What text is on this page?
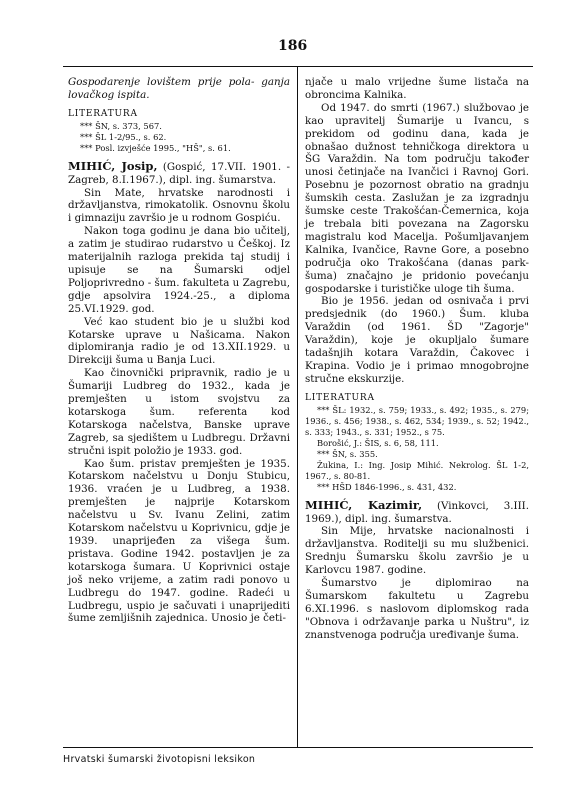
186

Gospodarenje lovištem prije pola- ganja lovačkog ispita.

LITERATURA

*** ŠN, s. 373, 567.

*** ŠL 1-2/95., s. 62.

*** Posl. izvješće 1995., "HŠ", s. 61.

MIHIĆ, Josip, (Gospić, 17.VII. 1901. - Zagreb, 8.I.1967.), dipl. ing. šumarstva.

Sin Mate, hrvatske narodnosti i državljanstva, rimokatolik. Osnovnu školu i gimnaziju završio je u rodnom Gospiću.

Nakon toga godinu je dana bio učitelj, a zatim je studirao rudarstvo u Češkoj. Iz materijalnih razloga prekida taj studij i upisuje se na Šumarski odjel Poljoprivredno - šum. fakulteta u Zagrebu, gdje apsolvira 1924.-25., a diploma 25.VI.1929. god.

Već kao student bio je u službi kod Kotarske uprave u Našicama. Nakon diplomiranja radio je od 13.XII.1929. u Direkciji šuma u Banja Luci.

Kao činovnički pripravnik, radio je u Šumariji Ludbreg do 1932., kada je premješten u istom svojstvu za kotarskoga šum. referenta kod Kotarskoga načelstva, Banske uprave Zagreb, sa sjedištem u Ludbregu. Državni stručni ispit položio je 1933. god.

Kao šum. pristav premješten je 1935. Kotarskom načelstvu u Donju Stubicu, 1936. vraćen je u Ludbreg, a 1938. premješten je najprije Kotarskom načelstvu u Sv. Ivanu Zelini, zatim Kotarskom načelstvu u Koprivnicu, gdje je 1939. unaprijeđen za višega šum. pristava. Godine 1942. postavljen je za kotarskoga šumara. U Koprivnici ostaje još neko vrijeme, a zatim radi ponovo u Ludbregu do 1947. godine. Radeći u Ludbregu, uspio je sačuvati i unaprijediti šume zemljišnih zajednica. Unosio je četi-

njače u malo vrijedne šume listača na obroncima Kalnika.

Od 1947. do smrti (1967.) službovao je kao upravitelj Šumarije u Ivancu, s prekidom od godinu dana, kada je obnašao dužnost tehničkoga direktora u ŠG Varaždin. Na tom području također unosi četinjače na Ivančici i Ravnoj Gori. Posebnu je pozornost obratio na gradnju šumskih cesta. Zaslužan je za izgradnju šumske ceste Trakošćan-Čemernica, koja je trebala biti povezana na Zagorsku magistralu kod Macelja. Pošumljavanjem Kalnika, Ivančice, Ravne Gore, a posebno područja oko Trakošćana (danas park-šuma) značajno je pridonio povećanju gospodarske i turističke uloge tih šuma.

Bio je 1956. jedan od osnivača i prvi predsjednik (do 1960.) Šum. kluba Varaždin (od 1961. ŠD "Zagorje" Varaždin), koje je okupljalo šumare tadašnjih kotara Varaždin, Čakovec i Krapina. Vodio je i primao mnogobrojne stručne ekskurzije.

LITERATURA

*** ŠL: 1932., s. 759; 1933., s. 492; 1935., s. 279; 1936., s. 456; 1938., s. 462, 534; 1939., s. 52; 1942., s. 333; 1943., s. 331; 1952., s 75.

Borošić, J.: ŠIS, s. 6, 58, 111.

*** ŠN, s. 355.

Žukina, I.: Ing. Josip Mihić. Nekrolog. ŠL 1-2, 1967., s. 80-81.

*** HŠD 1846-1996., s. 431, 432.

MIHIĆ, Kazimir, (Vinkovci, 3.III. 1969.), dipl. ing. šumarstva.

Sin Mije, hrvatske nacionalnosti i državljanstva. Roditelji su mu službenici. Srednju Šumarsku školu završio je u Karlovcu 1987. godine.

Šumarstvo je diplomirao na Šumarskom fakultetu u Zagrebu 6.XI.1996. s naslovom diplomskog rada "Obnova i održavanje parka u Nuštru", iz znanstvenoga područja uređivanje šuma.

Hrvatski šumarski životopisni leksikon
